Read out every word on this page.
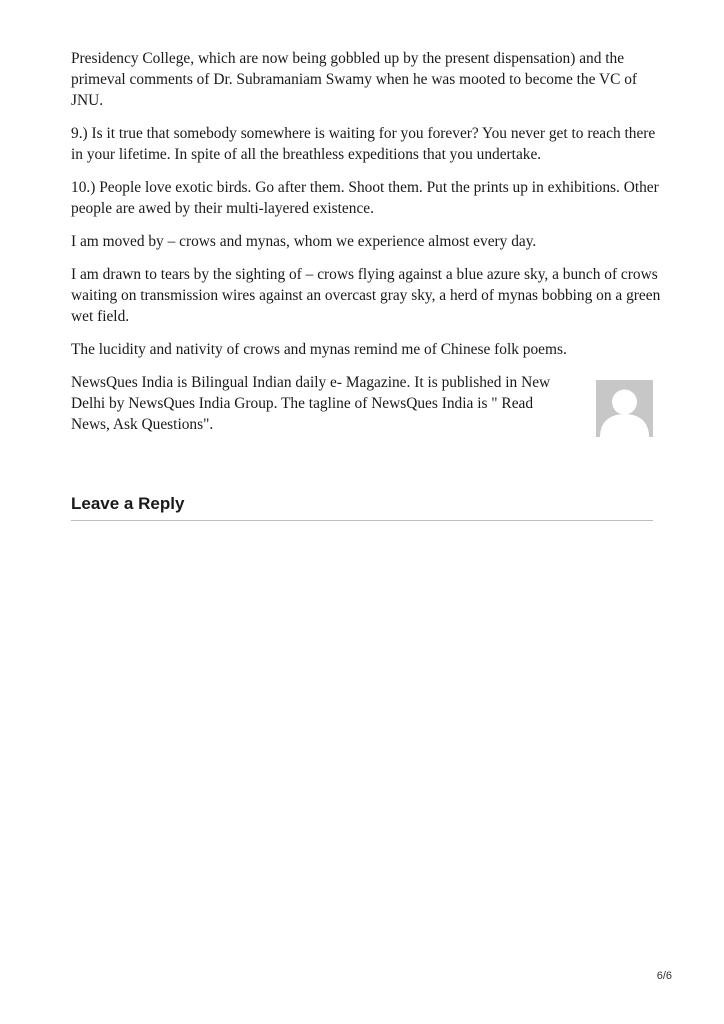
Presidency College, which are now being gobbled up by the present dispensation) and the primeval comments of Dr. Subramaniam Swamy when he was mooted to become the VC of JNU.

9.) Is it true that somebody somewhere is waiting for you forever? You never get to reach there in your lifetime. In spite of all the breathless expeditions that you undertake.

10.) People love exotic birds. Go after them. Shoot them. Put the prints up in exhibitions. Other people are awed by their multi-layered existence.

I am moved by – crows and mynas, whom we experience almost every day.

I am drawn to tears by the sighting of – crows flying against a blue azure sky, a bunch of crows waiting on transmission wires against an overcast gray sky, a herd of mynas bobbing on a green wet field.

The lucidity and nativity of crows and mynas remind me of Chinese folk poems.

NewsQues India is Bilingual Indian daily e- Magazine. It is published in New Delhi by NewsQues India Group. The tagline of NewsQues India is " Read News, Ask Questions".

Leave a Reply
6/6
